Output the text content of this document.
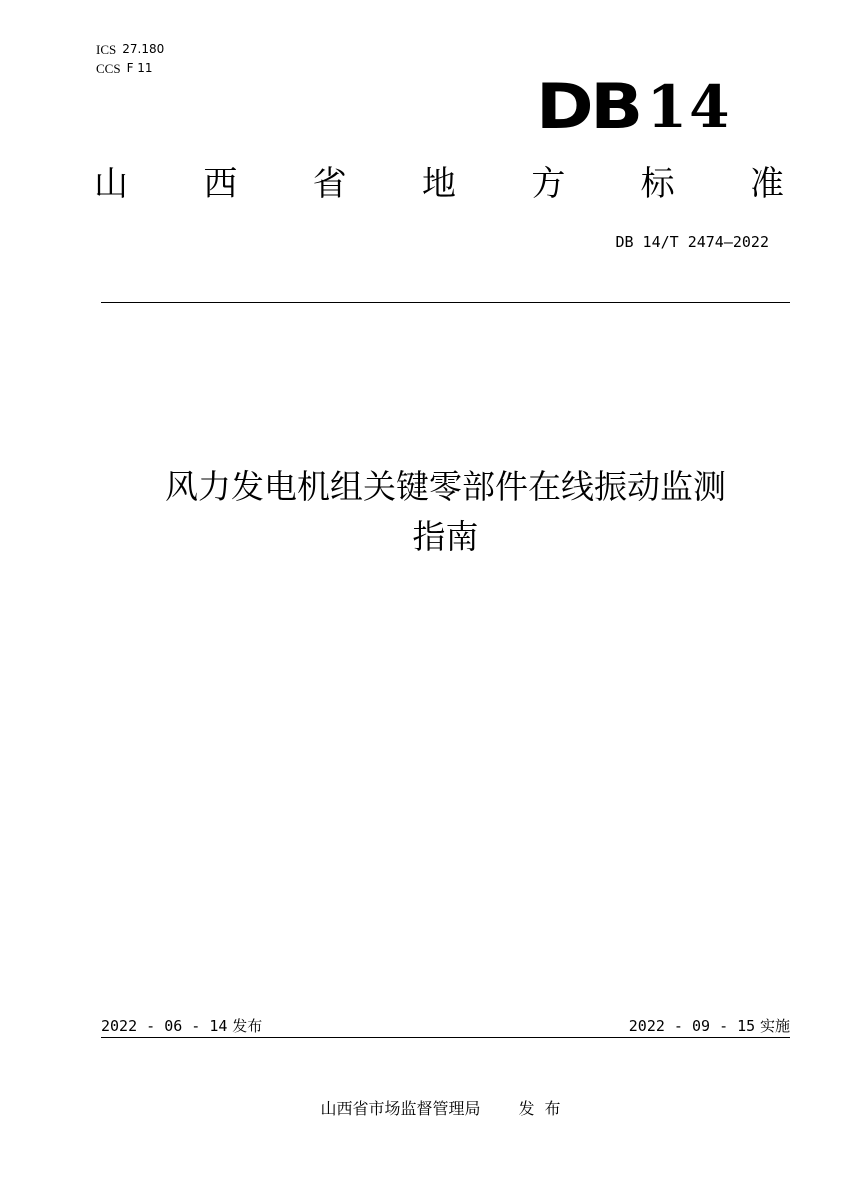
ICS 27.180
CCS F 11
DB 14
山 西 省 地 方 标 准
DB 14/T 2474—2022
风力发电机组关键零部件在线振动监测
指南
2022 - 06 - 14 发布	2022 - 09 - 15 实施
山西省市场监督管理局 发布
